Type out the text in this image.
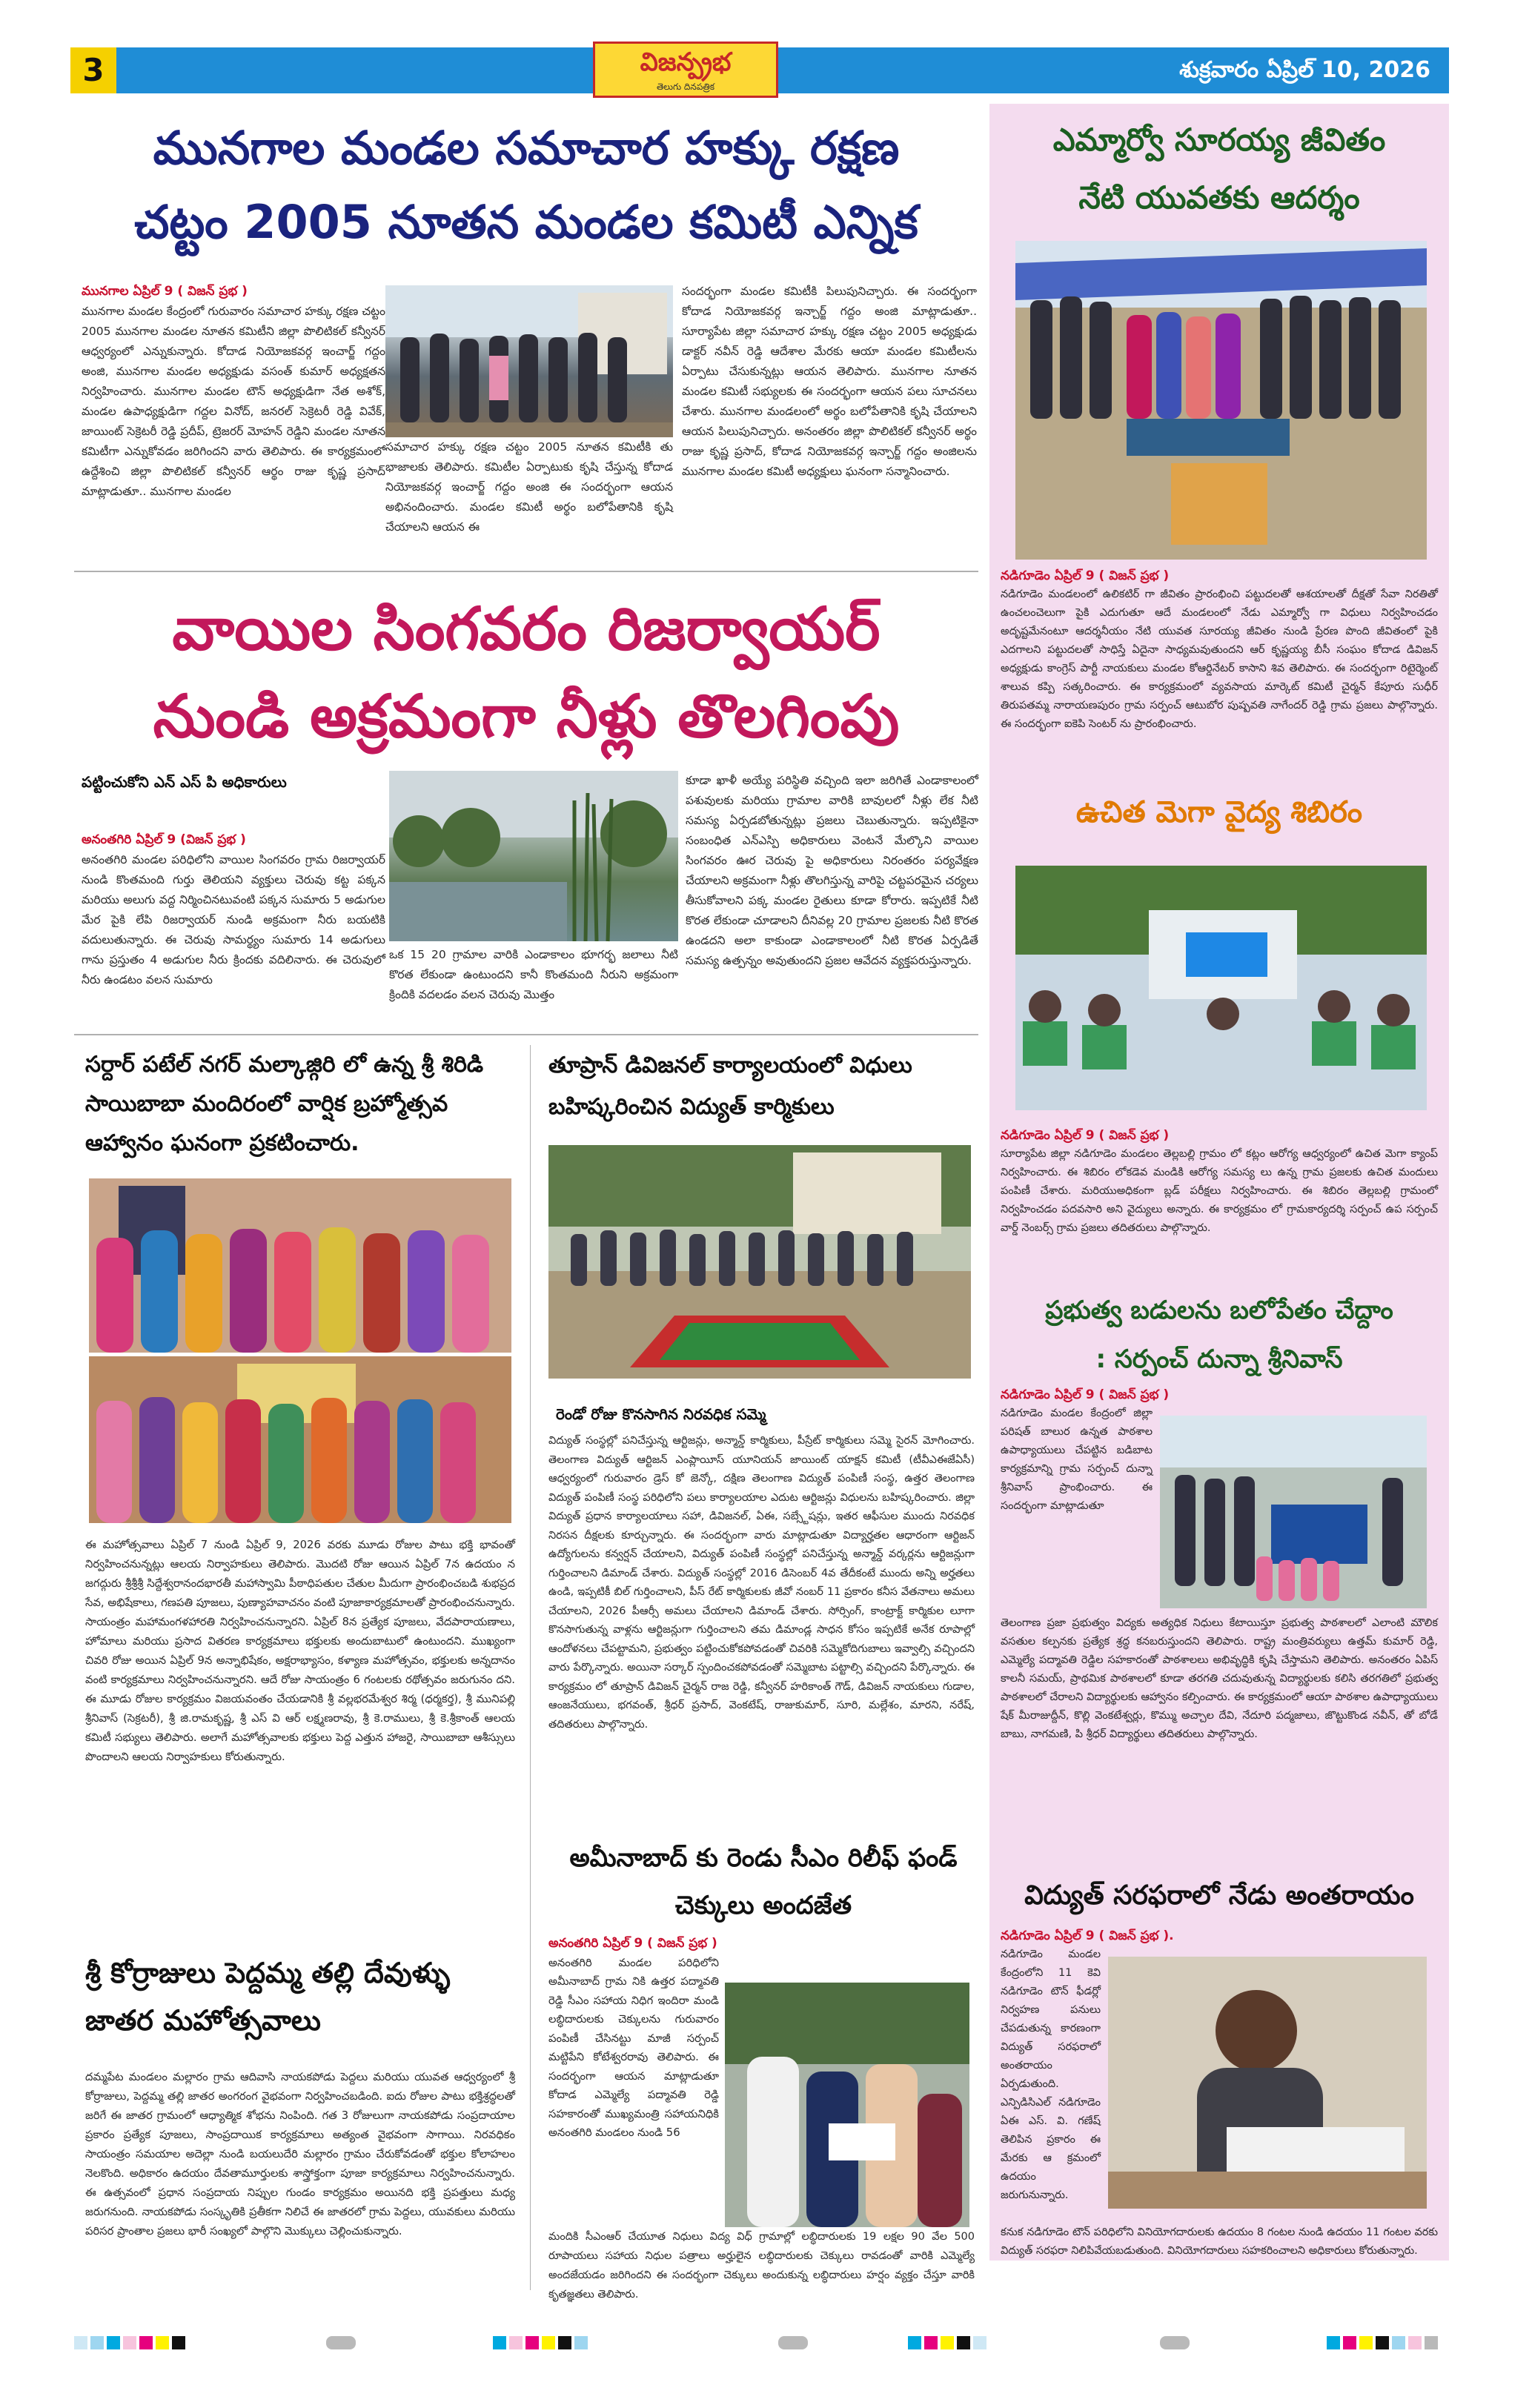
3	విజన్ప్రభ
తెలుగు దినపత్రిక
శుక్రవారం ఏప్రిల్ 10, 2026
మునగాల మండల సమాచార హక్కు రక్షణ
చట్టం 2005 నూతన మండల కమిటీ ఎన్నిక
మునగాల ఏప్రిల్ 9 ( విజన్ ప్రభ )
మునగాల మండల కేంద్రంలో గురువారం సమాచార హక్కు రక్షణ చట్టం 2005 మునగాల మండల నూతన కమిటీని జిల్లా పొలిటికల్ కన్వీనర్ ఆధ్వర్యంలో ఎన్నుకున్నారు. కోదాడ నియోజకవర్గ ఇంచార్జ్ గద్దం అంజి, మునగాల మండల అధ్యక్షుడు వసంత్ కుమార్ అధ్యక్షతన నిర్వహించారు. మునగాల మండల టౌన్ అధ్యక్షుడిగా నేత అశోక్, మండల ఉపాధ్యక్షుడిగా గద్దల వినోద్, జనరల్ సెక్రెటరీ రెడ్డి వివేక్, జాయింట్ సెక్రెటరీ రెడ్డి ప్రదీప్, ట్రెజరర్ మోహన్ రెడ్డిని మండల నూతన కమిటీగా ఎన్నుకోవడం జరిగిందని వారు తెలిపారు. ఈ కార్యక్రమంలో ఉద్దేశించి జిల్లా పొలిటికల్ కన్వీనర్ ఆర్థం రాజు కృష్ణ ప్రసాద్ మాట్లాడుతూ.. మునగాల మండల
సమాచార హక్కు రక్షణ చట్టం 2005 నూతన కమిటీకి తు భాజాలకు తెలిపారు. కమిటీల ఏర్పాటుకు కృషి చేస్తున్న కోదాడ నియోజకవర్గ ఇంచార్జ్ గద్దం అంజి ఈ సందర్భంగా ఆయన అభినందించారు. మండల కమిటీ అర్థం బలోపేతానికి కృషి చేయాలని ఆయన ఈ
సందర్భంగా మండల కమిటీకి పిలుపునిచ్చారు. ఈ సందర్భంగా కోదాడ నియోజకవర్గ ఇన్చార్జ్ గద్దం అంజి మాట్లాడుతూ.. సూర్యాపేట జిల్లా సమాచార హక్కు రక్షణ చట్టం 2005 అధ్యక్షుడు డాక్టర్ నవీన్ రెడ్డి ఆదేశాల మేరకు ఆయా మండల కమిటీలను ఏర్పాటు చేసుకున్నట్లు ఆయన తెలిపారు. మునగాల నూతన మండల కమిటీ సభ్యులకు ఈ సందర్భంగా ఆయన పలు సూచనలు చేశారు. మునగాల మండలంలో అర్థం బలోపేతానికి కృషి చేయాలని ఆయన పిలుపునిచ్చారు. అనంతరం జిల్లా పొలిటికల్ కన్వీనర్ అర్థం రాజు కృష్ణ ప్రసాద్, కోదాడ నియోజకవర్గ ఇన్చార్జ్ గద్దం అంజిలను మునగాల మండల కమిటీ అధ్యక్షులు ఘనంగా సన్మానించారు.
వాయిల సింగవరం రిజర్వాయర్
నుండి అక్రమంగా నీళ్లు తొలగింపు
పట్టించుకోని ఎన్ ఎస్ పి అధికారులు
అనంతగిరి ఏప్రిల్ 9 (విజన్ ప్రభ )
అనంతగిరి మండల పరిధిలోని వాయిల సింగవరం గ్రామ రిజర్వాయర్ నుండి కొంతమంది గుర్తు తెలియని వ్యక్తులు చెరువు కట్ట పక్కన మరియు అలుగు వద్ద నిర్మించినటువంటి పక్కన సుమారు 5 అడుగుల మేర పైకి లేపి రిజర్వాయర్ నుండి అక్రమంగా నీరు బయటికి వదులుతున్నారు. ఈ చెరువు సామర్థ్యం సుమారు 14 అడుగులు గాను ప్రస్తుతం 4 అడుగుల నీరు క్రిందకు వదిలినారు. ఈ చెరువులో నీరు ఉండటం వలన సుమారు
ఒక 15 20 గ్రామాల వారికి ఎండాకాలం భూగర్భ జలాలు నీటి కొరత లేకుండా ఉంటుందని కానీ కొంతమంది నీరుని అక్రమంగా క్రిందికి వదలడం వలన చెరువు మొత్తం
కూడా ఖాళీ అయ్యే పరిస్థితి వచ్చింది ఇలా జరిగితే ఎండాకాలంలో పశువులకు మరియు గ్రామాల వారికి బావులలో నీళ్లు లేక నీటి సమస్య ఏర్పడబోతున్నట్లు ప్రజలు చెబుతున్నారు. ఇప్పటికైనా సంబంధిత ఎన్ఎస్పి అధికారులు వెంటనే మేల్కొని వాయిల సింగవరం ఊర చెరువు పై అధికారులు నిరంతరం పర్యవేక్షణ చేయాలని అక్రమంగా నీళ్లు తొలగిస్తున్న వారిపై చట్టపరమైన చర్యలు తీసుకోవాలని పక్క మండల రైతులు కూడా కోరారు. ఇప్పటికే నీటి కొరత లేకుండా చూడాలని దీనివల్ల 20 గ్రామాల ప్రజలకు నీటి కొరత ఉండదని అలా కాకుండా ఎండాకాలంలో నీటి కొరత ఏర్పడితే సమస్య ఉత్పన్నం అవుతుందని ప్రజల ఆవేదన వ్యక్తపరుస్తున్నారు.
సర్దార్ పటేల్ నగర్ మల్కాజ్గిరి లో ఉన్న శ్రీ శిరిడి సాయిబాబా మందిరంలో వార్షిక బ్రహ్మోత్సవ ఆహ్వానం ఘనంగా ప్రకటించారు.
ఈ మహోత్సవాలు ఏప్రిల్ 7 నుండి ఏప్రిల్ 9, 2026 వరకు మూడు రోజుల పాటు భక్తి భావంతో నిర్వహించనున్నట్లు ఆలయ నిర్వాహకులు తెలిపారు. మొదటి రోజు ఆయిన ఏప్రిల్ 7న ఉదయం న జగద్గురు శ్రీశ్రీశ్రీ సిద్దేశ్వరానందభారతీ మహాస్వామి పీఠాధిపతుల చేతుల మీదుగా ప్రారంభించబడి శుభప్రద సేవ, అభిషేకాలు, గణపతి పూజలు, పుణ్యాహవాచనం వంటి పూజాకార్యక్రమాలతో ప్రారంభించనున్నారు. సాయంత్రం మహామంగళహారతి నిర్వహించనున్నారని. ఏప్రిల్ 8న ప్రత్యేక పూజలు, వేదపారాయణాలు, హోమాలు మరియు ప్రసాద వితరణ కార్యక్రమాలు భక్తులకు అందుబాటులో ఉంటుందని. ముఖ్యంగా చివరి రోజు అయిన ఏప్రిల్ 9న అన్నాభిషేకం, అక్షరాభ్యాసం, కళ్యాణ మహోత్సవం, భక్తులకు అన్నదానం వంటి కార్యక్రమాలు నిర్వహించనున్నారని. ఆదే రోజు సాయంత్రం 6 గంటలకు రథోత్సవం జరుగునం దని. ఈ మూడు రోజుల కార్యక్రమం విజయవంతం చేయడానికి శ్రీ వల్లభరమేశ్వర శిర్మ (ధర్మకర్త), శ్రీ మునిపల్లి శ్రీనివాస్ (సెక్రటరీ), శ్రీ జి.రామకృష్ణ, శ్రీ ఎస్ వి ఆర్ లక్ష్మణరావు, శ్రీ కె.రాములు, శ్రీ కె.శ్రీకాంత్ ఆలయ కమిటీ సభ్యులు తెలిపారు. అలాగే మహోత్సవాలకు భక్తులు పెద్ద ఎత్తున హాజరై, సాయిబాబా ఆశీస్సులు పొందాలని ఆలయ నిర్వాహకులు కోరుతున్నారు.
శ్రీ కోర్రాజులు పెద్దమ్మ తల్లి దేవుళ్ళు జాతర మహోత్సవాలు
దమ్మపేట మండలం మల్లారం గ్రామ ఆదివాసి నాయకపోడు పెద్దలు మరియు యువత ఆధ్వర్యంలో శ్రీ కోర్రాజులు, పెద్దమ్మ తల్లి జాతర అంగరంగ వైభవంగా నిర్వహించబడింది. ఐదు రోజుల పాటు భక్తిశ్రద్ధలతో జరిగే ఈ జాతర గ్రామంలో ఆధ్యాత్మిక శోభను నింపింది. గత 3 రోజులుగా నాయకపోడు సంప్రదాయాల ప్రకారం ప్రత్యేక పూజలు, సాంప్రదాయిక కార్యక్రమాలు అత్యంత వైభవంగా సాగాయి. నిరవధికం సాయంత్రం సమయాల అదెల్లా నుండి బయలుదేరి మల్లారం గ్రామం చేరుకోవడంతో భక్తుల కోలాహలం నెలకొంది. అధికారం ఉదయం దేవతామూర్తులకు శాస్త్రోక్తంగా పూజా కార్యక్రమాలు నిర్వహించనున్నారు. ఈ ఉత్సవంలో ప్రధాన సంప్రదాయ నిప్పుల గుండం కార్యక్రమం అయినది భక్తి ప్రపత్తులు మధ్య జరుగనుంది. నాయకపోడు సంస్కృతికి ప్రతీకగా నిలిచే ఈ జాతరలో గ్రామ పెద్దలు, యువకులు మరియు పరిసర ప్రాంతాల ప్రజలు భారీ సంఖ్యలో పాల్గొని మొక్కులు చెల్లించుకున్నారు.
తూప్రాన్ డివిజనల్ కార్యాలయంలో విధులు బహిష్కరించిన విద్యుత్ కార్మికులు
రెండో రోజు కొనసాగిన నిరవధిక సమ్మె
విద్యుత్ సంస్థల్లో పనిచేస్తున్న ఆర్టిజన్లు, అన్మాన్డ్ కార్మికులు, పీస్రేట్ కార్మికులు సమ్మె సైరన్ మోగించారు. తెలంగాణ విద్యుత్ ఆర్టిజన్ ఎంప్లాయీస్ యూనియన్ జాయింట్ యాక్షన్ కమిటీ (టీవీఎఈజేఏసీ) ఆధ్వర్యంలో గురువారం డ్రెస్ కో జెన్కో, దక్షిణ తెలంగాణ విద్యుత్ పంపిణీ సంస్థ, ఉత్తర తెలంగాణ విద్యుత్ పంపిణీ సంస్థ పరిధిలోని పలు కార్యాలయాల ఎదుట ఆర్టిజన్లు విధులను బహిష్కరించారు. జిల్లా విద్యుత్ ప్రధాన కార్యాలయాలు సహా, డివిజనల్, ఏఈ, సబ్స్టేషన్లు, ఇతర ఆఫీసుల ముందు నిరవధిక నిరసన దీక్షలకు కూర్చున్నారు. ఈ సందర్భంగా వారు మాట్లాడుతూ విద్యార్హతల ఆధారంగా ఆర్టిజన్ ఉద్యోగులను కన్వర్షన్ చేయాలని, విద్యుత్ పంపిణీ సంస్థల్లో పనిచేస్తున్న అన్మాన్డ్ వర్కర్లను ఆర్టిజన్లుగా గుర్తించాలని డిమాండ్ చేశారు. విద్యుత్ సంస్థల్లో 2016 డిసెంబర్ 4వ తేదీకంటే ముందు అన్ని అర్హతలు ఉండి, ఇప్పటికీ బిల్ గుర్తించాలని, పీస్ రేట్ కార్మికులకు జీవో నంబర్ 11 ప్రకారం కనీస వేతనాలు అమలు చేయాలని, 2026 పీఆర్సీ అమలు చేయాలని డిమాండ్ చేశారు. సోర్సింగ్, కాంట్రాక్ట్ కార్మికుల లూగా కొనసాగుతున్న వాళ్లను ఆర్టిజన్లుగా గుర్తించాలని తమ డిమాండ్ల సాధన కోసం ఇప్పటికే అనేక రూపాల్లో ఆందోళనలు చేపట్టామని, ప్రభుత్వం పట్టించుకోకపోవడంతో చివరికి సమ్మెకోదిగుబాలు ఇవ్వాల్సి వచ్చిందని వారు పేర్కొన్నారు. అయినా సర్కార్ స్పందించకపోవడంతో సమ్మెబాట పట్టాల్సి వచ్చిందని పేర్కొన్నారు. ఈ కార్యక్రమం లో తూప్రాన్ డివిజన్ చైర్మన్ రాజ రెడ్డి, కన్వీనర్ హరికాంత్ గౌడ్, డివిజన్ నాయకులు గుడాల, ఆంజనేయులు, భగవంత్, శ్రీధర్ ప్రసాద్, వెంకటేష్, రాజుకుమార్, సూరి, మల్లేశం, మారని, నరేష్, తదితరులు పాల్గొన్నారు.
అమీనాబాద్ కు రెండు సీఎం రిలీఫ్ ఫండ్ చెక్కులు అందజేత
అనంతగిరి ఏప్రిల్ 9 ( విజన్ ప్రభ )
అనంతగిరి మండల పరిధిలోని అమీనాబాద్ గ్రామ నికి ఉత్తర పద్మావతి రెడ్డి సీఎం సహాయ నిధిగ ఇందిరా మండి లబ్ధిదారులకు చెక్కులను గురువారం పంపిణీ చేసినట్టు మాజీ సర్పంచ్ మట్టిపేని కోటేశ్వరరావు తెలిపారు. ఈ సందర్భంగా ఆయన మాట్లాడుతూ కోదాడ ఎమ్మెల్యే పద్మావతి రెడ్డి సహకారంతో ముఖ్యమంత్రి సహాయనిధికి అనంతగిరి మండలం నుండి 56
మందికి సీఎంఆర్ చేయూత నిధులు విద్య విధ్ గ్రామాల్లో లబ్ధిదారులకు 19 లక్షల 90 వేల 500 రూపాయలు సహాయ నిధుల పత్రాలు అర్హులైన లబ్ధిదారులకు చెక్కులు రావడంతో వారికి ఎమ్మెల్యే అందజేయడం జరిగిందని ఈ సందర్భంగా చెక్కులు అందుకున్న లబ్ధిదారులు హర్షం వ్యక్తం చేస్తూ వారికి కృతజ్ఞతలు తెలిపారు.
ఎమ్మార్వో సూరయ్య జీవితం
నేటి యువతకు ఆదర్శం
నడిగూడెం ఏప్రిల్ 9 ( విజన్ ప్రభ )
నడిగూడెం మండలంలో ఉలికటిర్ గా జీవితం ప్రారంభించి పట్టుదలతో ఆశయాలతో దీక్షతో సేవా నిరతితో ఉంచలంచెలుగా పైకి ఎదుగుతూ ఆదే మండలంలో నేడు ఎమ్మార్వో గా విధులు నిర్వహించడం అదృష్టమేనంటూ ఆదర్శనీయం నేటి యువత సూరయ్య జీవితం నుండి ప్రేరణ పొంది జీవితంలో పైకి ఎదగాలని పట్టుదలతో సాధిస్తే ఏదైనా సాధ్యమవుతుందని ఆర్ కృష్ణయ్య బీసీ సంఘం కోదాడ డివిజన్ అధ్యక్షుడు కాంగ్రెస్ పార్టీ నాయకులు మండల కోఆర్డినేటర్ కాసాని శివ తెలిపారు. ఈ సందర్భంగా రిటైర్మెంట్ శాలువ కప్పి సత్కరించారు. ఈ కార్యక్రమంలో వ్యవసాయ మార్కెట్ కమిటీ చైర్మన్ కేపూరు సుధీర్ తిరుపతమ్మ నారాయణపురం గ్రామ సర్పంచ్ ఆటుబోర పుష్పవతి నాగేందర్ రెడ్డి గ్రామ ప్రజలు పాల్గొన్నారు. ఈ సందర్భంగా ఐకెపి సెంటర్ ను ప్రారంభించారు.
ఉచిత మెగా వైద్య శిబిరం
నడిగూడెం ఏప్రిల్ 9 ( విజన్ ప్రభ )
సూర్యాపేట జిల్లా నడిగూడెం మండలం తెల్లబల్లి గ్రామం లో కట్లం ఆరోగ్య ఆధ్వర్యంలో ఉచిత మెగా క్యాంప్ నిర్వహించారు. ఈ శిబిరం లోకడెవ మండికి ఆరోగ్య సమస్య లు ఉన్న గ్రామ ప్రజలకు ఉచిత మందులు పంపిణీ చేశారు. మరియుఅధికంగా బ్లడ్ పరీక్షలు నిర్వహించారు. ఈ శిబిరం తెల్లబల్లి గ్రామంలో నిర్వహించడం పదవసారి అని వైద్యులు అన్నారు. ఈ కార్యక్రమం లో గ్రామకార్యదర్శి సర్పంచ్ ఉప సర్పంచ్ వార్డ్ నెంబర్స్ గ్రామ ప్రజలు తదితరులు పాల్గొన్నారు.
ప్రభుత్వ బడులను బలోపేతం చేద్దాం
: సర్పంచ్ దున్నా శ్రీనివాస్
నడిగూడెం ఏప్రిల్ 9 ( విజన్ ప్రభ )
నడిగూడెం మండల కేంద్రంలో జిల్లా పరిషత్ బాలుర ఉన్నత పాఠశాల ఉపాధ్యాయులు చేపట్టిన బడిబాట కార్యక్రమాన్ని గ్రామ సర్పంచ్ దున్నా శ్రీనివాస్ ప్రాంభించారు. ఈ సందర్భంగా మాట్లాడుతూ
తెలంగాణ ప్రజా ప్రభుత్వం విద్యకు అత్యధిక నిధులు కేటాయిస్తూ ప్రభుత్వ పాఠశాలలో ఎలాంటి మౌలిక వసతుల కల్పనకు ప్రత్యేక శ్రద్ధ కనబరుస్తుందని తెలిపారు. రాష్ట్ర మంత్రివర్యులు ఉత్తమ్ కుమార్ రెడ్డి, ఎమ్మెల్యే పద్మావతి రెడ్డిల సహకారంతో పాఠశాలలు అభివృద్ధికి కృషి చేస్తామని తెలిపారు. అనంతరం ఏపిస్ కాలనీ సమయ్, ప్రాథమిక పాఠశాలలో కూడా తరగతి చదువుతున్న విద్యార్థులకు కలిసి తరగతిలో ప్రభుత్వ పాఠశాలలో చేరాలని విద్యార్థులకు ఆహ్వానం కల్పించారు. ఈ కార్యక్రమంలో ఆయా పాఠశాల ఉపాధ్యాయులు షేక్ మీరాజుద్దీన్, కొల్లి వెంకటేశ్వర్లు, కొమ్ము అచ్చాల దేవి, నేదూరి పద్మజాలు, జొట్టుకొండ నవీన్, తో బోడే బాబు, నాగమణి, పి శ్రీధర్ విద్యార్థులు తదితరులు పాల్గొన్నారు.
విద్యుత్ సరఫరాలో నేడు అంతరాయం
నడిగూడెం ఏప్రిల్ 9 ( విజన్ ప్రభ ).
నడిగూడెం మండల కేంద్రంలోని 11 కెవి నడిగూడెం టౌన్ ఫీడర్లో నిర్వహణ పనులు చేపడుతున్న కారణంగా విద్యుత్ సరఫరాలో అంతరాయం ఏర్పడుతుంది. ఎన్పిడిసిఎల్ నడిగూడెం ఏఈ ఎస్. వి. గణేష్ తెలిపిన ప్రకారం ఈ మేరకు ఆ క్రమంలో ఉదయం జరుగునున్నారు.
కనుక నడిగూడెం టౌన్ పరిధిలోని వినియోగదారులకు ఉదయం 8 గంటల నుండి ఉదయం 11 గంటల వరకు విద్యుత్ సరఫరా నిలిపివేయబడుతుంది. వినియోగదారులు సహకరించాలని అధికారులు కోరుతున్నారు.
